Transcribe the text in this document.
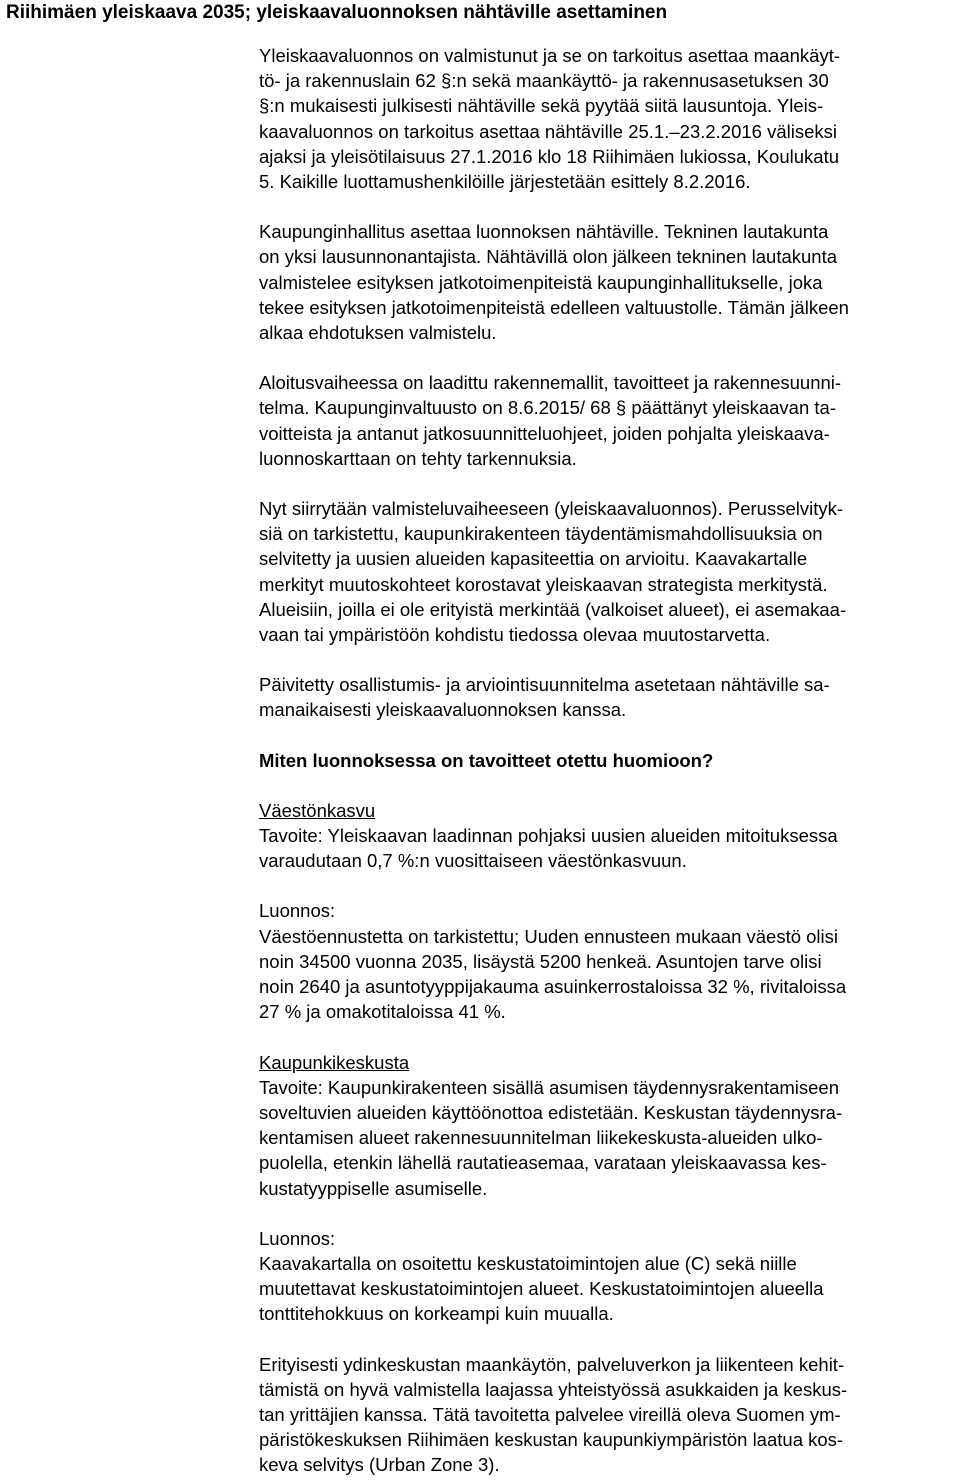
Riihimäen yleiskaava 2035; yleiskaavaluonnoksen nähtäville asettaminen

Yleiskaavaluonnos on valmistunut ja se on tarkoitus asettaa maankäyt-

tö- ja rakennuslain 62 §:n sekä maankäyttö- ja rakennusasetuksen 30

§:n mukaisesti julkisesti nähtäville sekä pyytää siitä lausuntoja. Yleis-

kaavaluonnos on tarkoitus asettaa nähtäville 25.1.–23.2.2016 väliseksi

ajaksi ja yleisötilaisuus 27.1.2016 klo 18 Riihimäen lukiossa, Koulukatu

5. Kaikille luottamushenkilöille järjestetään esittely 8.2.2016.

Kaupunginhallitus asettaa luonnoksen nähtäville. Tekninen lautakunta

on yksi lausunnonantajista. Nähtävillä olon jälkeen tekninen lautakunta

valmistelee esityksen jatkotoimenpiteistä kaupunginhallitukselle, joka

tekee esityksen jatkotoimenpiteistä edelleen valtuustolle. Tämän jälkeen

alkaa ehdotuksen valmistelu.

Aloitusvaiheessa on laadittu rakennemallit, tavoitteet ja rakennesuunni-

telma. Kaupunginvaltuusto on 8.6.2015/ 68 § päättänyt yleiskaavan ta-

voitteista ja antanut jatkosuunnitteluohjeet, joiden pohjalta yleiskaava-

luonnoskarttaan on tehty tarkennuksia.

Nyt siirrytään valmisteluvaiheeseen (yleiskaavaluonnos). Perusselvityk-

siä on tarkistettu, kaupunkirakenteen täydentämismahdollisuuksia on

selvitetty ja uusien alueiden kapasiteettia on arvioitu. Kaavakartalle

merkityt muutoskohteet korostavat yleiskaavan strategista merkitystä.

Alueisiin, joilla ei ole erityistä merkintää (valkoiset alueet), ei asemakaa-

vaan tai ympäristöön kohdistu tiedossa olevaa muutostarvetta.

Päivitetty osallistumis- ja arviointisuunnitelma asetetaan nähtäville sa-

manaikaisesti yleiskaavaluonnoksen kanssa.

Miten luonnoksessa on tavoitteet otettu huomioon?

Väestönkasvu

Tavoite: Yleiskaavan laadinnan pohjaksi uusien alueiden mitoituksessa

varaudutaan 0,7 %:n vuosittaiseen väestönkasvuun.

Luonnos:

Väestöennustetta on tarkistettu; Uuden ennusteen mukaan väestö olisi

noin 34500 vuonna 2035, lisäystä 5200 henkeä. Asuntojen tarve olisi

noin 2640 ja asuntotyyppijakauma asuinkerrostaloissa 32 %, rivitaloissa

27 % ja omakotitaloissa 41 %.

Kaupunkikeskusta

Tavoite: Kaupunkirakenteen sisällä asumisen täydennysrakentamiseen

soveltuvien alueiden käyttöönottoa edistetään. Keskustan täydennysra-

kentamisen alueet rakennesuunnitelman liikekeskusta-alueiden ulko-

puolella, etenkin lähellä rautatieasemaa, varataan yleiskaavassa kes-

kustatyyppiselle asumiselle.

Luonnos:

Kaavakartalla on osoitettu keskustatoimintojen alue (C) sekä niille

muutettavat keskustatoimintojen alueet. Keskustatoimintojen alueella

tonttitehokkuus on korkeampi kuin muualla.

Erityisesti ydinkeskustan maankäytön, palveluverkon ja liikenteen kehit-

tämistä on hyvä valmistella laajassa yhteistyössä asukkaiden ja keskus-

tan yrittäjien kanssa. Tätä tavoitetta palvelee vireillä oleva Suomen ym-

päristökeskuksen Riihimäen keskustan kaupunkiympäristön laatua kos-

keva selvitys (Urban Zone 3).
